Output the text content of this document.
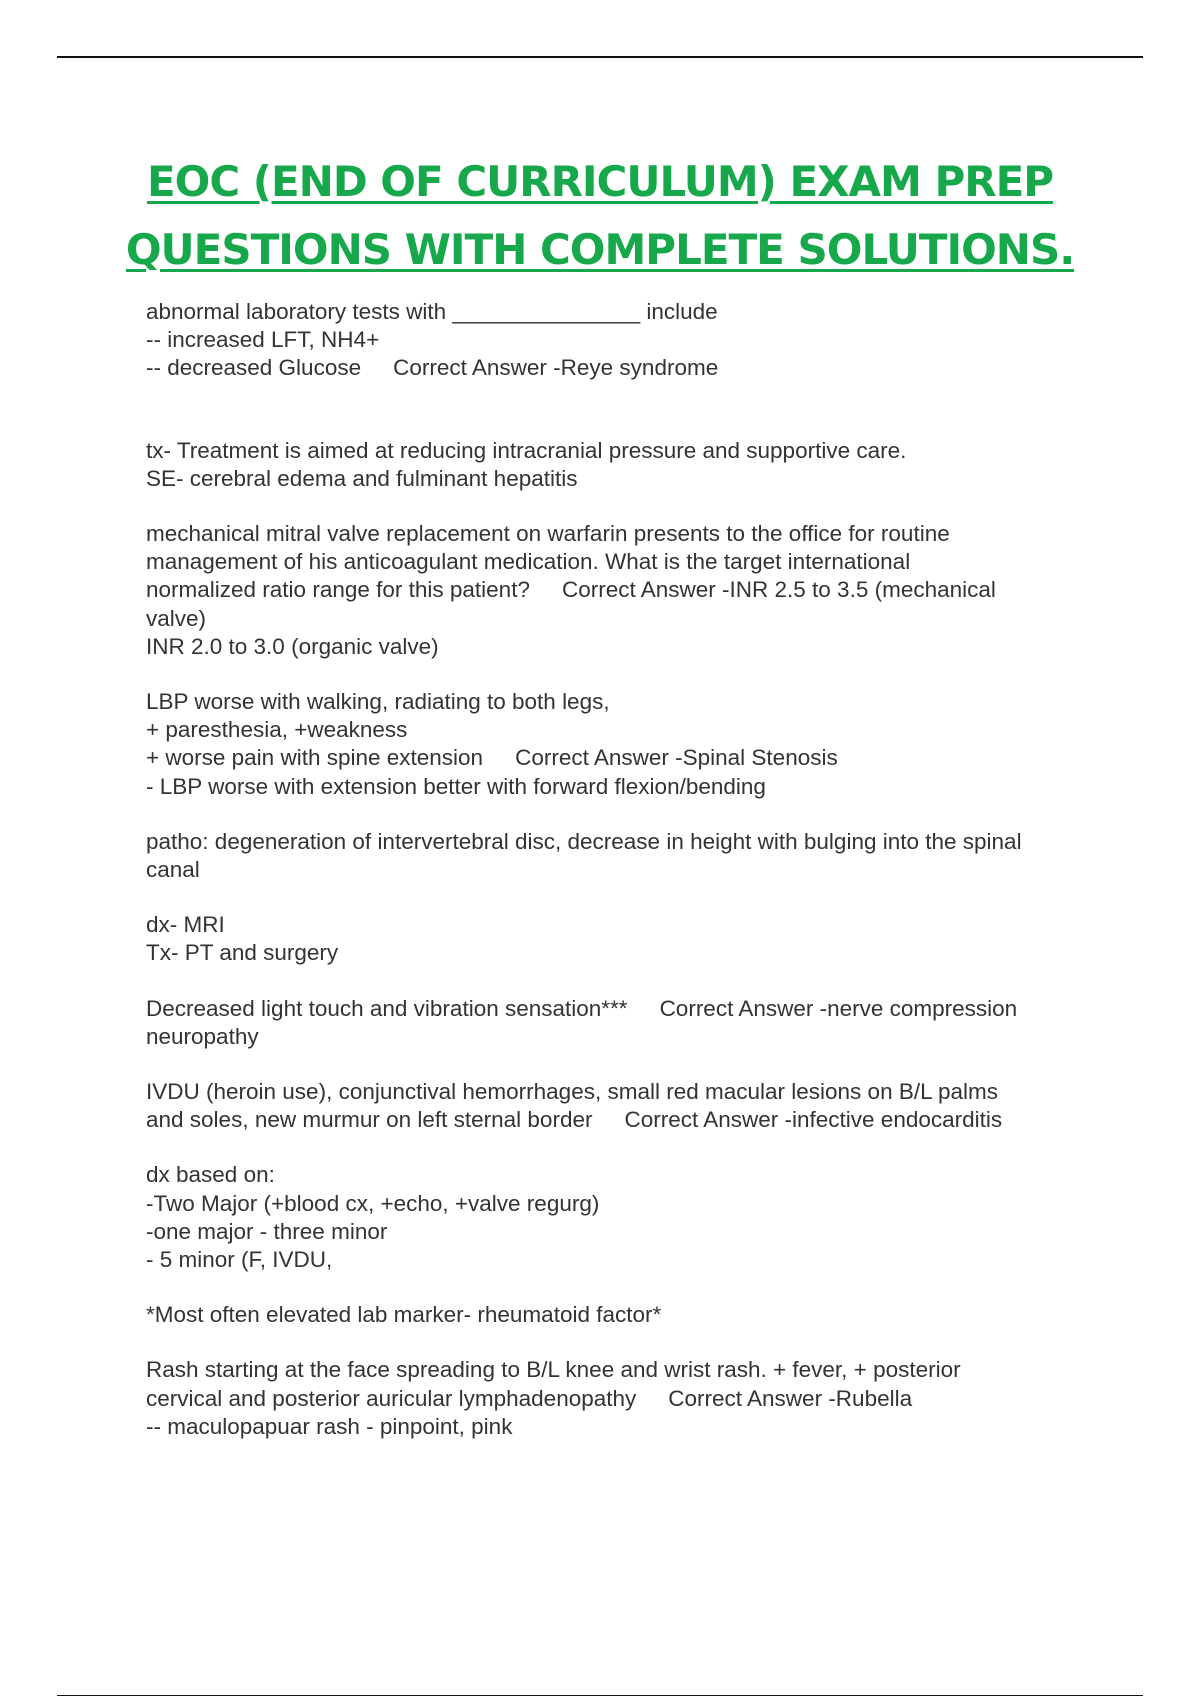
EOC (END OF CURRICULUM) EXAM PREP
QUESTIONS WITH COMPLETE SOLUTIONS.
abnormal laboratory tests with _______________ include
-- increased LFT, NH4+
-- decreased Glucose Correct Answer -Reye syndrome
tx- Treatment is aimed at reducing intracranial pressure and supportive care.
SE- cerebral edema and fulminant hepatitis
mechanical mitral valve replacement on warfarin presents to the office for routine
management of his anticoagulant medication. What is the target international
normalized ratio range for this patient? Correct Answer -INR 2.5 to 3.5 (mechanical
valve)
INR 2.0 to 3.0 (organic valve)
LBP worse with walking, radiating to both legs,
+ paresthesia, +weakness
+ worse pain with spine extension Correct Answer -Spinal Stenosis
- LBP worse with extension better with forward flexion/bending
patho: degeneration of intervertebral disc, decrease in height with bulging into the spinal
canal
dx- MRI
Tx- PT and surgery
Decreased light touch and vibration sensation*** Correct Answer -nerve compression
neuropathy
IVDU (heroin use), conjunctival hemorrhages, small red macular lesions on B/L palms
and soles, new murmur on left sternal border Correct Answer -infective endocarditis
dx based on:
-Two Major (+blood cx, +echo, +valve regurg)
-one major - three minor
- 5 minor (F, IVDU,
*Most often elevated lab marker- rheumatoid factor*
Rash starting at the face spreading to B/L knee and wrist rash. + fever, + posterior
cervical and posterior auricular lymphadenopathy Correct Answer -Rubella
-- maculopapuar rash - pinpoint, pink
